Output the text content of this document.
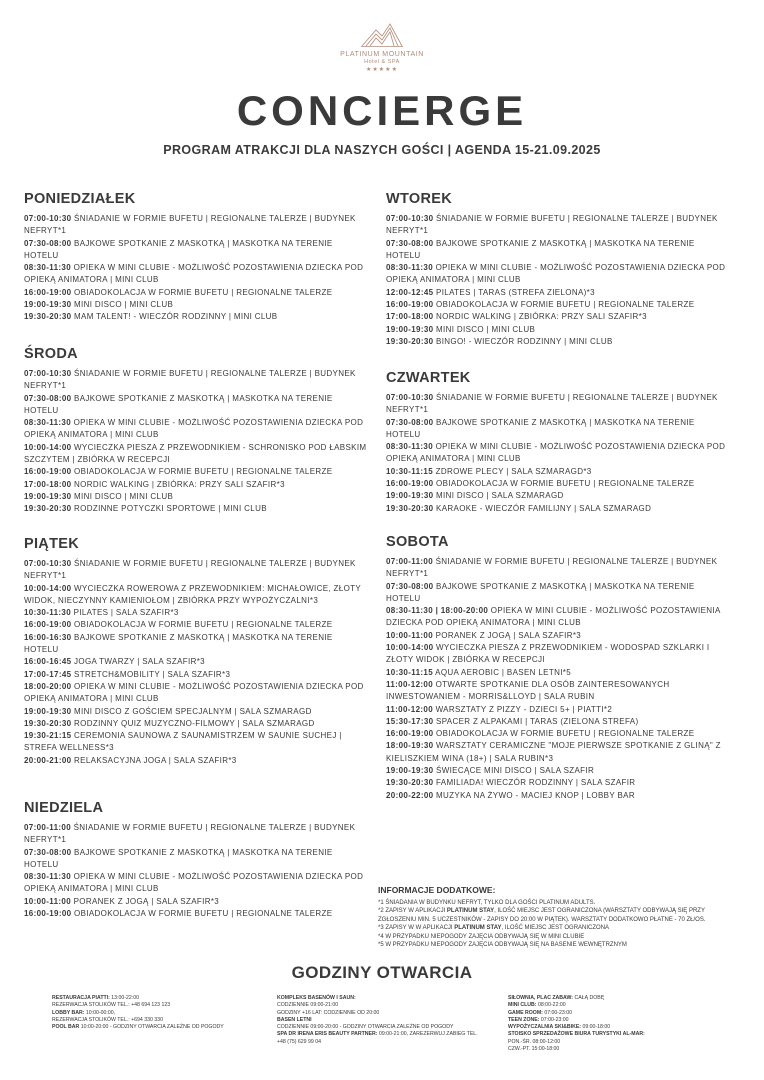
PLATINUM MOUNTAIN
Hotel & SPA
★★★★★
CONCIERGE
PROGRAM ATRAKCJI DLA NASZYCH GOŚCI | AGENDA 15-21.09.2025
PONIEDZIAŁEK

07:00-10:30 ŚNIADANIE W FORMIE BUFETU | REGIONALNE TALERZE | BUDYNEK NEFRYT*1

07:30-08:00 BAJKOWE SPOTKANIE Z MASKOTKĄ | MASKOTKA NA TERENIE HOTELU

08:30-11:30 OPIEKA W MINI CLUBIE - MOŻLIWOŚĆ POZOSTAWIENIA DZIECKA POD OPIEKĄ ANIMATORA | MINI CLUB

16:00-19:00 OBIADOKOLACJA W FORMIE BUFETU | REGIONALNE TALERZE

19:00-19:30 MINI DISCO | MINI CLUB

19:30-20:30 MAM TALENT! - WIECZÓR RODZINNY | MINI CLUB

WTOREK

07:00-10:30 ŚNIADANIE W FORMIE BUFETU | REGIONALNE TALERZE | BUDYNEK NEFRYT*1

07:30-08:00 BAJKOWE SPOTKANIE Z MASKOTKĄ | MASKOTKA NA TERENIE HOTELU

08:30-11:30 OPIEKA W MINI CLUBIE - MOŻLIWOŚĆ POZOSTAWIENIA DZIECKA POD OPIEKĄ ANIMATORA | MINI CLUB

12:00-12:45 PILATES | TARAS (STREFA ZIELONA)*3

16:00-19:00 OBIADOKOLACJA W FORMIE BUFETU | REGIONALNE TALERZE

17:00-18:00 NORDIC WALKING | ZBIÓRKA: PRZY SALI SZAFIR*3

19:00-19:30 MINI DISCO | MINI CLUB

19:30-20:30 BINGO! - WIECZÓR RODZINNY | MINI CLUB

ŚRODA

07:00-10:30 ŚNIADANIE W FORMIE BUFETU | REGIONALNE TALERZE | BUDYNEK NEFRYT*1

07:30-08:00 BAJKOWE SPOTKANIE Z MASKOTKĄ | MASKOTKA NA TERENIE HOTELU

08:30-11:30 OPIEKA W MINI CLUBIE - MOŻLIWOŚĆ POZOSTAWIENIA DZIECKA POD OPIEKĄ ANIMATORA | MINI CLUB

10:00-14:00 WYCIECZKA PIESZA Z PRZEWODNIKIEM - SCHRONISKO POD ŁABSKIM SZCZYTEM | ZBIÓRKA W RECEPCJI

16:00-19:00 OBIADOKOLACJA W FORMIE BUFETU | REGIONALNE TALERZE

17:00-18:00 NORDIC WALKING | ZBIÓRKA: PRZY SALI SZAFIR*3

19:00-19:30 MINI DISCO | MINI CLUB

19:30-20:30 RODZINNE POTYCZKI SPORTOWE | MINI CLUB

CZWARTEK

07:00-10:30 ŚNIADANIE W FORMIE BUFETU | REGIONALNE TALERZE | BUDYNEK NEFRYT*1

07:30-08:00 BAJKOWE SPOTKANIE Z MASKOTKĄ | MASKOTKA NA TERENIE HOTELU

08:30-11:30 OPIEKA W MINI CLUBIE - MOŻLIWOŚĆ POZOSTAWIENIA DZIECKA POD OPIEKĄ ANIMATORA | MINI CLUB

10:30-11:15 ZDROWE PLECY | SALA SZMARAGD*3

16:00-19:00 OBIADOKOLACJA W FORMIE BUFETU | REGIONALNE TALERZE

19:00-19:30 MINI DISCO | SALA SZMARAGD

19:30-20:30 KARAOKE - WIECZÓR FAMILIJNY | SALA SZMARAGD

PIĄTEK

07:00-10:30 ŚNIADANIE W FORMIE BUFETU | REGIONALNE TALERZE | BUDYNEK NEFRYT*1

10:00-14:00 WYCIECZKA ROWEROWA Z PRZEWODNIKIEM: MICHAŁOWICE, ZŁOTY WIDOK, NIECZYNNY KAMIENIOŁOM | ZBIÓRKA PRZY WYPOŻYCZALNI*3

10:30-11:30 PILATES | SALA SZAFIR*3

16:00-19:00 OBIADOKOLACJA W FORMIE BUFETU | REGIONALNE TALERZE

16:00-16:30 BAJKOWE SPOTKANIE Z MASKOTKĄ | MASKOTKA NA TERENIE HOTELU

16:00-16:45 JOGA TWARZY | SALA SZAFIR*3

17:00-17:45 STRETCH&MOBILITY | SALA SZAFIR*3

18:00-20:00 OPIEKA W MINI CLUBIE - MOŻLIWOŚĆ POZOSTAWIENIA DZIECKA POD OPIEKĄ ANIMATORA | MINI CLUB

19:00-19:30 MINI DISCO Z GOŚCIEM SPECJALNYM | SALA SZMARAGD

19:30-20:30 RODZINNY QUIZ MUZYCZNO-FILMOWY | SALA SZMARAGD

19:30-21:15 CEREMONIA SAUNOWA Z SAUNAMISTRZEM W SAUNIE SUCHEJ | STREFA WELLNESS*3

20:00-21:00 RELAKSACYJNA JOGA | SALA SZAFIR*3

SOBOTA

07:00-11:00 ŚNIADANIE W FORMIE BUFETU | REGIONALNE TALERZE | BUDYNEK NEFRYT*1

07:30-08:00 BAJKOWE SPOTKANIE Z MASKOTKĄ | MASKOTKA NA TERENIE HOTELU

08:30-11:30 | 18:00-20:00 OPIEKA W MINI CLUBIE - MOŻLIWOŚĆ POZOSTAWIENIA DZIECKA POD OPIEKĄ ANIMATORA | MINI CLUB

10:00-11:00 PORANEK Z JOGĄ | SALA SZAFIR*3

10:00-14:00 WYCIECZKA PIESZA Z PRZEWODNIKIEM - WODOSPAD SZKLARKI I ZŁOTY WIDOK | ZBIÓRKA W RECEPCJI

10:30-11:15 AQUA AEROBIC | BASEN LETNI*5

11:00-12:00 OTWARTE SPOTKANIE DLA OSÓB ZAINTERESOWANYCH INWESTOWANIEM - MORRIS&LLOYD | SALA RUBIN

11:00-12:00 WARSZTATY Z PIZZY - DZIECI 5+ | PIATTI*2

15:30-17:30 SPACER Z ALPAKAMI | TARAS (ZIELONA STREFA)

16:00-19:00 OBIADOKOLACJA W FORMIE BUFETU | REGIONALNE TALERZE

18:00-19:30 WARSZTATY CERAMICZNE "MOJE PIERWSZE SPOTKANIE Z GLINĄ" Z KIELISZKIEM WINA (18+) | SALA RUBIN*3

19:00-19:30 ŚWIECĄCE MINI DISCO | SALA SZAFIR

19:30-20:30 FAMILIADA! WIECZÓR RODZINNY | SALA SZAFIR

20:00-22:00 MUZYKA NA ŻYWO - MACIEJ KNOP | LOBBY BAR

NIEDZIELA

07:00-11:00 ŚNIADANIE W FORMIE BUFETU | REGIONALNE TALERZE | BUDYNEK NEFRYT*1

07:30-08:00 BAJKOWE SPOTKANIE Z MASKOTKĄ | MASKOTKA NA TERENIE HOTELU

08:30-11:30 OPIEKA W MINI CLUBIE - MOŻLIWOŚĆ POZOSTAWIENIA DZIECKA POD OPIEKĄ ANIMATORA | MINI CLUB

10:00-11:00 PORANEK Z JOGĄ | SALA SZAFIR*3

16:00-19:00 OBIADOKOLACJA W FORMIE BUFETU | REGIONALNE TALERZE

INFORMACJE DODATKOWE:

*1 ŚNIADANIA W BUDYNKU NEFRYT, TYLKO DLA GOŚCI PLATINUM ADULTS.

*2 ZAPISY W APLIKACJI PLATINUM STAY, ILOŚĆ MIEJSC JEST OGRANICZONA (WARSZTATY ODBYWAJĄ SIĘ PRZY ZGŁOSZENIU MIN. 5 UCZESTNIKÓW - ZAPISY DO 20:00 W PIĄTEK). WARSZTATY DODATKOWO PŁATNE - 70 ZŁ/OS.

*3 ZAPISY W W APLIKACJI PLATINUM STAY, ILOŚĆ MIEJSC JEST OGRANICZONA

*4 W PRZYPADKU NIEPOGODY ZAJĘCIA ODBYWAJĄ SIĘ W MINI CLUBIE

*5 W PRZYPADKU NIEPOGODY ZAJĘCIA ODBYWAJĄ SIĘ NA BASENIE WEWNĘTRZNYM

GODZINY OTWARCIA

RESTAURACJA PIATTI: 13:00-22:00

REZERWACJA STOLIKÓW TEL.: +48 694 123 123

LOBBY BAR: 10:00-00:00,

REZERWACJA STOLIKÓW TEL.: +694 330 330

POOL BAR 10:00-20:00 - GODZINY OTWARCIA ZALEŻNE OD POGODY

KOMPLEKS BASENÓW I SAUN:

CODZIENNIE 09:00-21:00

GODZINY +16 LAT: CODZIENNIE OD 20:00

BASEN LETNI

CODZIENNIE 09:00-20:00 - GODZINY OTWARCIA ZALEŻNE OD POGODY

SPA DR IRENA ERIS BEAUTY PARTNER: 09:00-21:00, ZAREZERWUJ ZABIEG TEL. +48 (75) 629 99 04

SIŁOWNIA, PLAC ZABAW: CAŁĄ DOBĘ

MINI CLUB: 08:00-22:00

GAME ROOM: 07:00-23:00

TEEN ZONE: 07:00-23:00

WYPOŻYCZALNIA SKI&BIKE: 09:00-18:00

STOISKO SPRZEDAŻOWE BIURA TURYSTYKI AL-MAR:

PON.-ŚR. 08:00-12:00

CZW.-PT. 15:00-18:00
